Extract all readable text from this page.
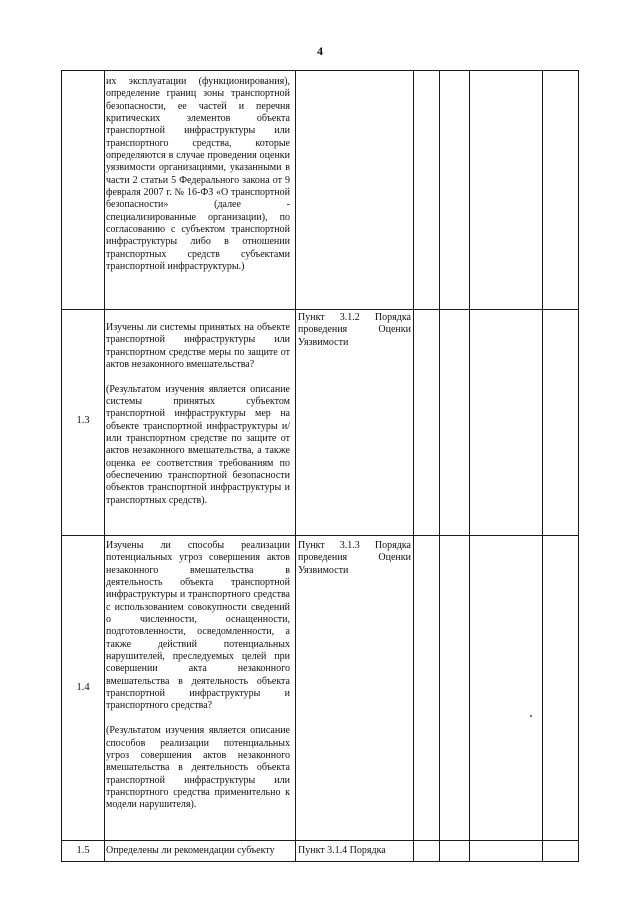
4
их эксплуатации (функционирования), определение границ зоны транспортной безопасности, ее частей и перечня критических элементов объекта транспортной инфраструктуры или транспортного средства, которые определяются в случае проведения оценки уязвимости организациями, указанными в части 2 статьи 5 Федерального закона от 9 февраля 2007 г. № 16-ФЗ «О транспортной безопасности» (далее - специализированные организации), по согласованию с субъектом транспортной инфраструктуры либо в отношении транспортных средств субъектами транспортной инфраструктуры.)
1.3
Изучены ли системы принятых на объекте транспортной инфраструктуры или транспортном средстве меры по защите от актов незаконного вмешательства?

(Результатом изучения является описание системы принятых субъектом транспортной инфраструктуры мер на объекте транспортной инфраструктуры и/или транспортном средстве по защите от актов незаконного вмешательства, а также оценка ее соответствия требованиям по обеспечению транспортной безопасности объектов транспортной инфраструктуры и транспортных средств).
Пункт 3.1.2 Порядка проведения Оценки Уязвимости
1.4
Изучены ли способы реализации потенциальных угроз совершения актов незаконного вмешательства в деятельность объекта транспортной инфраструктуры и транспортного средства с использованием совокупности сведений о численности, оснащенности, подготовленности, осведомленности, а также действий потенциальных нарушителей, преследуемых целей при совершении акта незаконного вмешательства в деятельность объекта транспортной инфраструктуры и транспортного средства?

(Результатом изучения является описание способов реализации потенциальных угроз совершения актов незаконного вмешательства в деятельность объекта транспортной инфраструктуры или транспортного средства применительно к модели нарушителя).
Пункт 3.1.3 Порядка проведения Оценки Уязвимости
1.5	Определены ли рекомендации субъекту	Пункт 3.1.4 Порядка
